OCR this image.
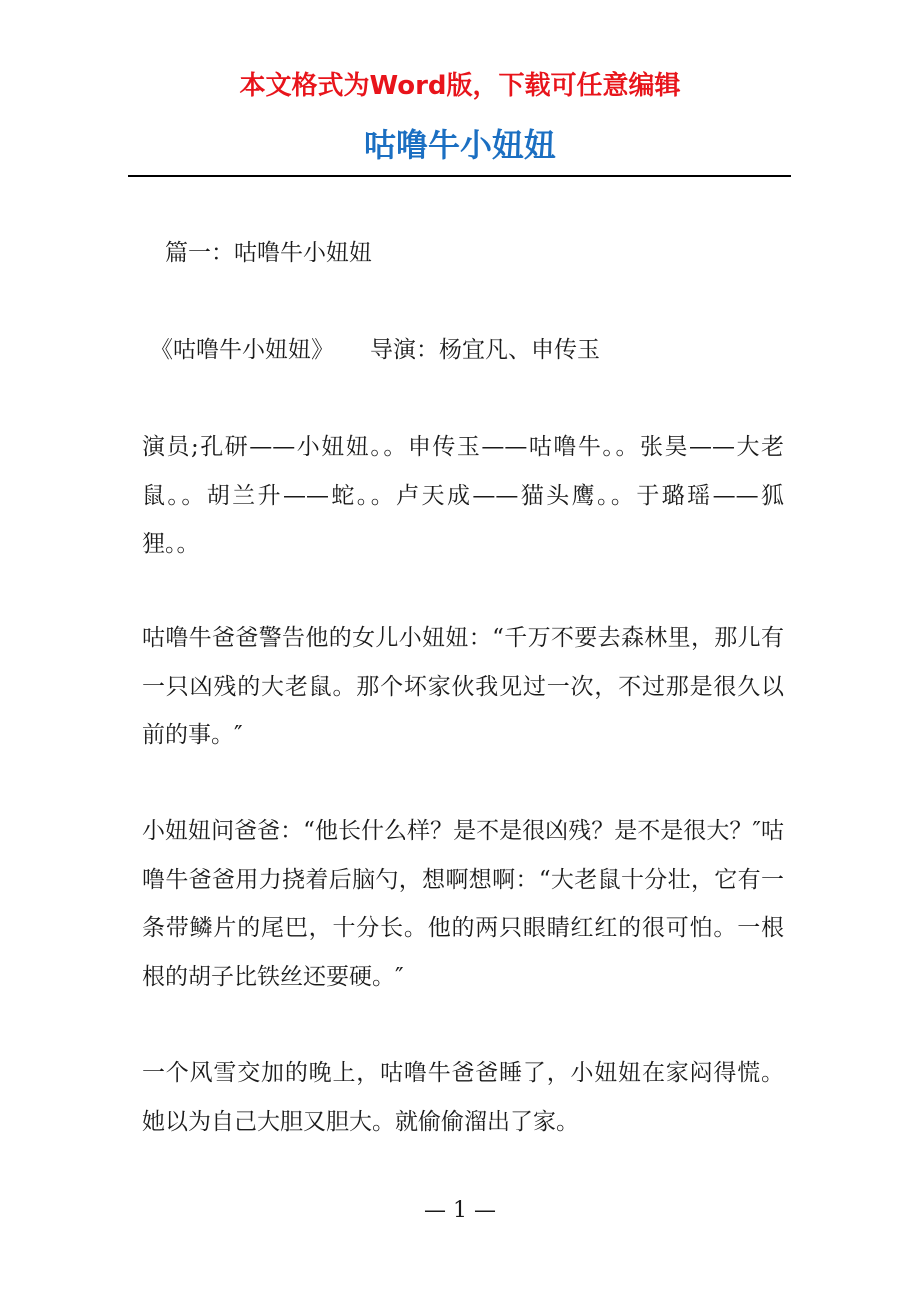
本文格式为Word版，下载可任意编辑
咕噜牛小妞妞

篇一：咕噜牛小妞妞

《咕噜牛小妞妞》 导演：杨宜凡、申传玉

演员;孔研——小妞妞。。申传玉——咕噜牛。。张昊——大老鼠。。胡兰升——蛇。。卢天成——猫头鹰。。于璐瑶——狐狸。。

咕噜牛爸爸警告他的女儿小妞妞：“千万不要去森林里，那儿有一只凶残的大老鼠。那个坏家伙我见过一次，不过那是很久以前的事。″

小妞妞问爸爸：“他长什么样？是不是很凶残？是不是很大？″咕噜牛爸爸用力挠着后脑勺，想啊想啊：“大老鼠十分壮，它有一条带鳞片的尾巴，十分长。他的两只眼睛红红的很可怕。一根根的胡子比铁丝还要硬。″

一个风雪交加的晚上，咕噜牛爸爸睡了，小妞妞在家闷得慌。她以为自己大胆又胆大。就偷偷溜出了家。

— 1 —
